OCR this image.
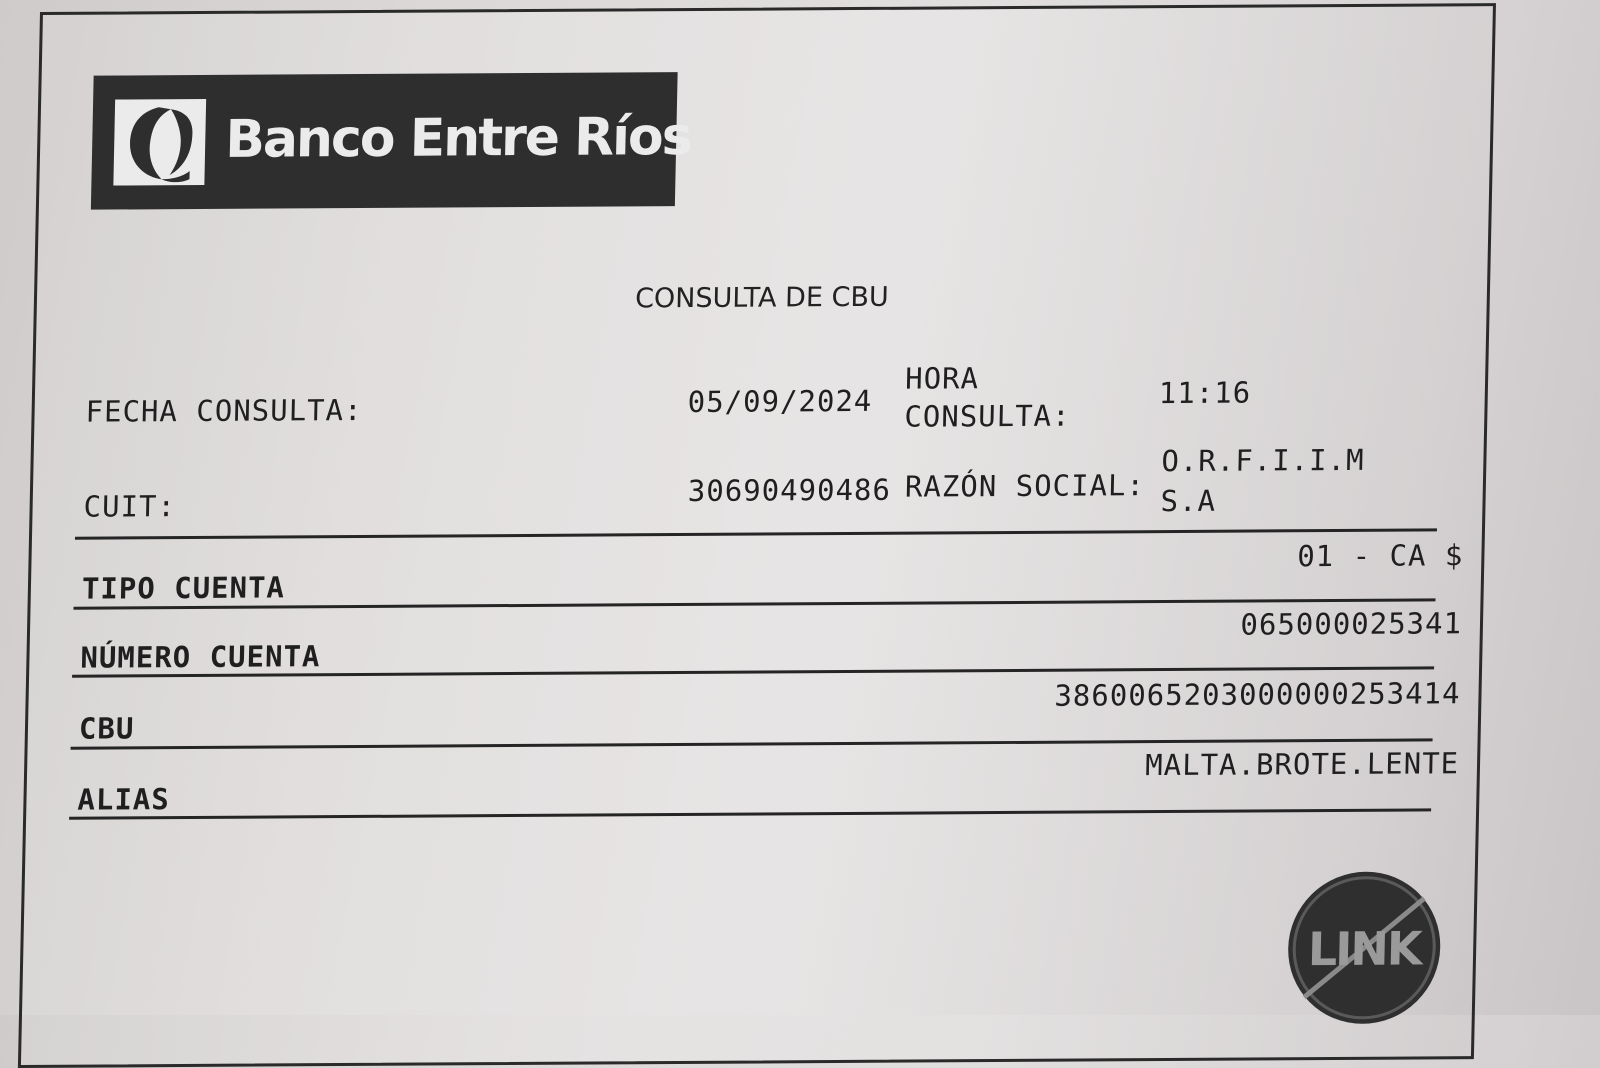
Banco Entre Ríos
CONSULTA DE CBU
FECHA CONSULTA:	05/09/2024
HORA
CONSULTA:
11:16
CUIT:	30690490486 RAZÓN SOCIAL:
O.R.F.I.I.M
S.A
TIPO CUENTA
01 - CA $
NÚMERO CUENTA
065000025341
CBU
3860065203000000253414
ALIAS
MALTA.BROTE.LENTE
LINK
